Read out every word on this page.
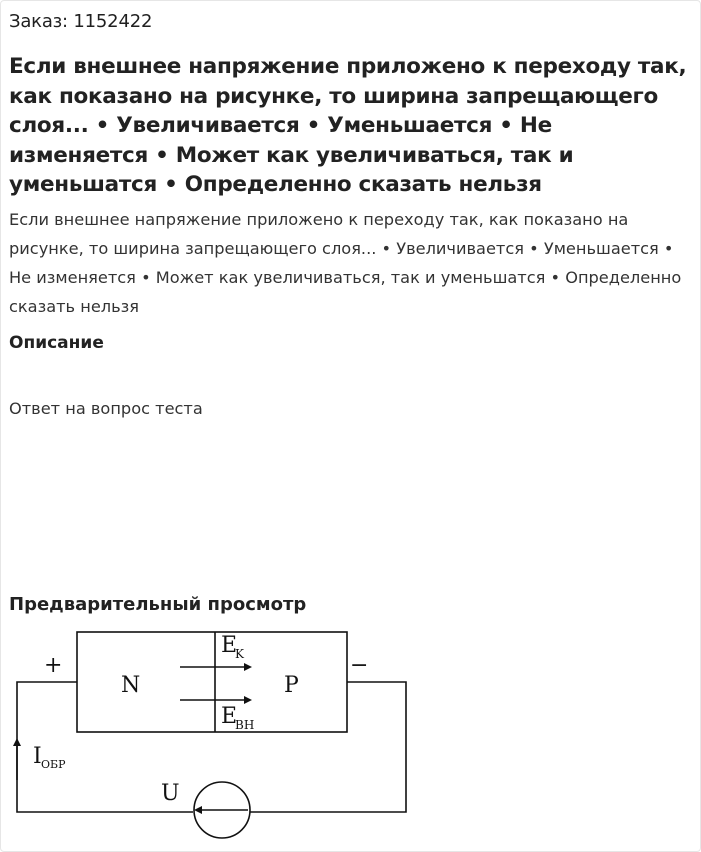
Заказ: 1152422
Если внешнее напряжение приложено к переходу так, как показано на рисунке, то ширина запрещающего слоя... • Увеличивается • Уменьшается • Не изменяется • Может как увеличиваться, так и уменьшатся • Определенно сказать нельзя
Если внешнее напряжение приложено к переходу так, как показано на рисунке, то ширина запрещающего слоя... • Увеличивается • Уменьшается • Не изменяется • Может как увеличиваться, так и уменьшатся • Определенно сказать нельзя
Описание
Ответ на вопрос теста
Предварительный просмотр
+	−
N	P
E
K
E
ВН
I ОБР
U
